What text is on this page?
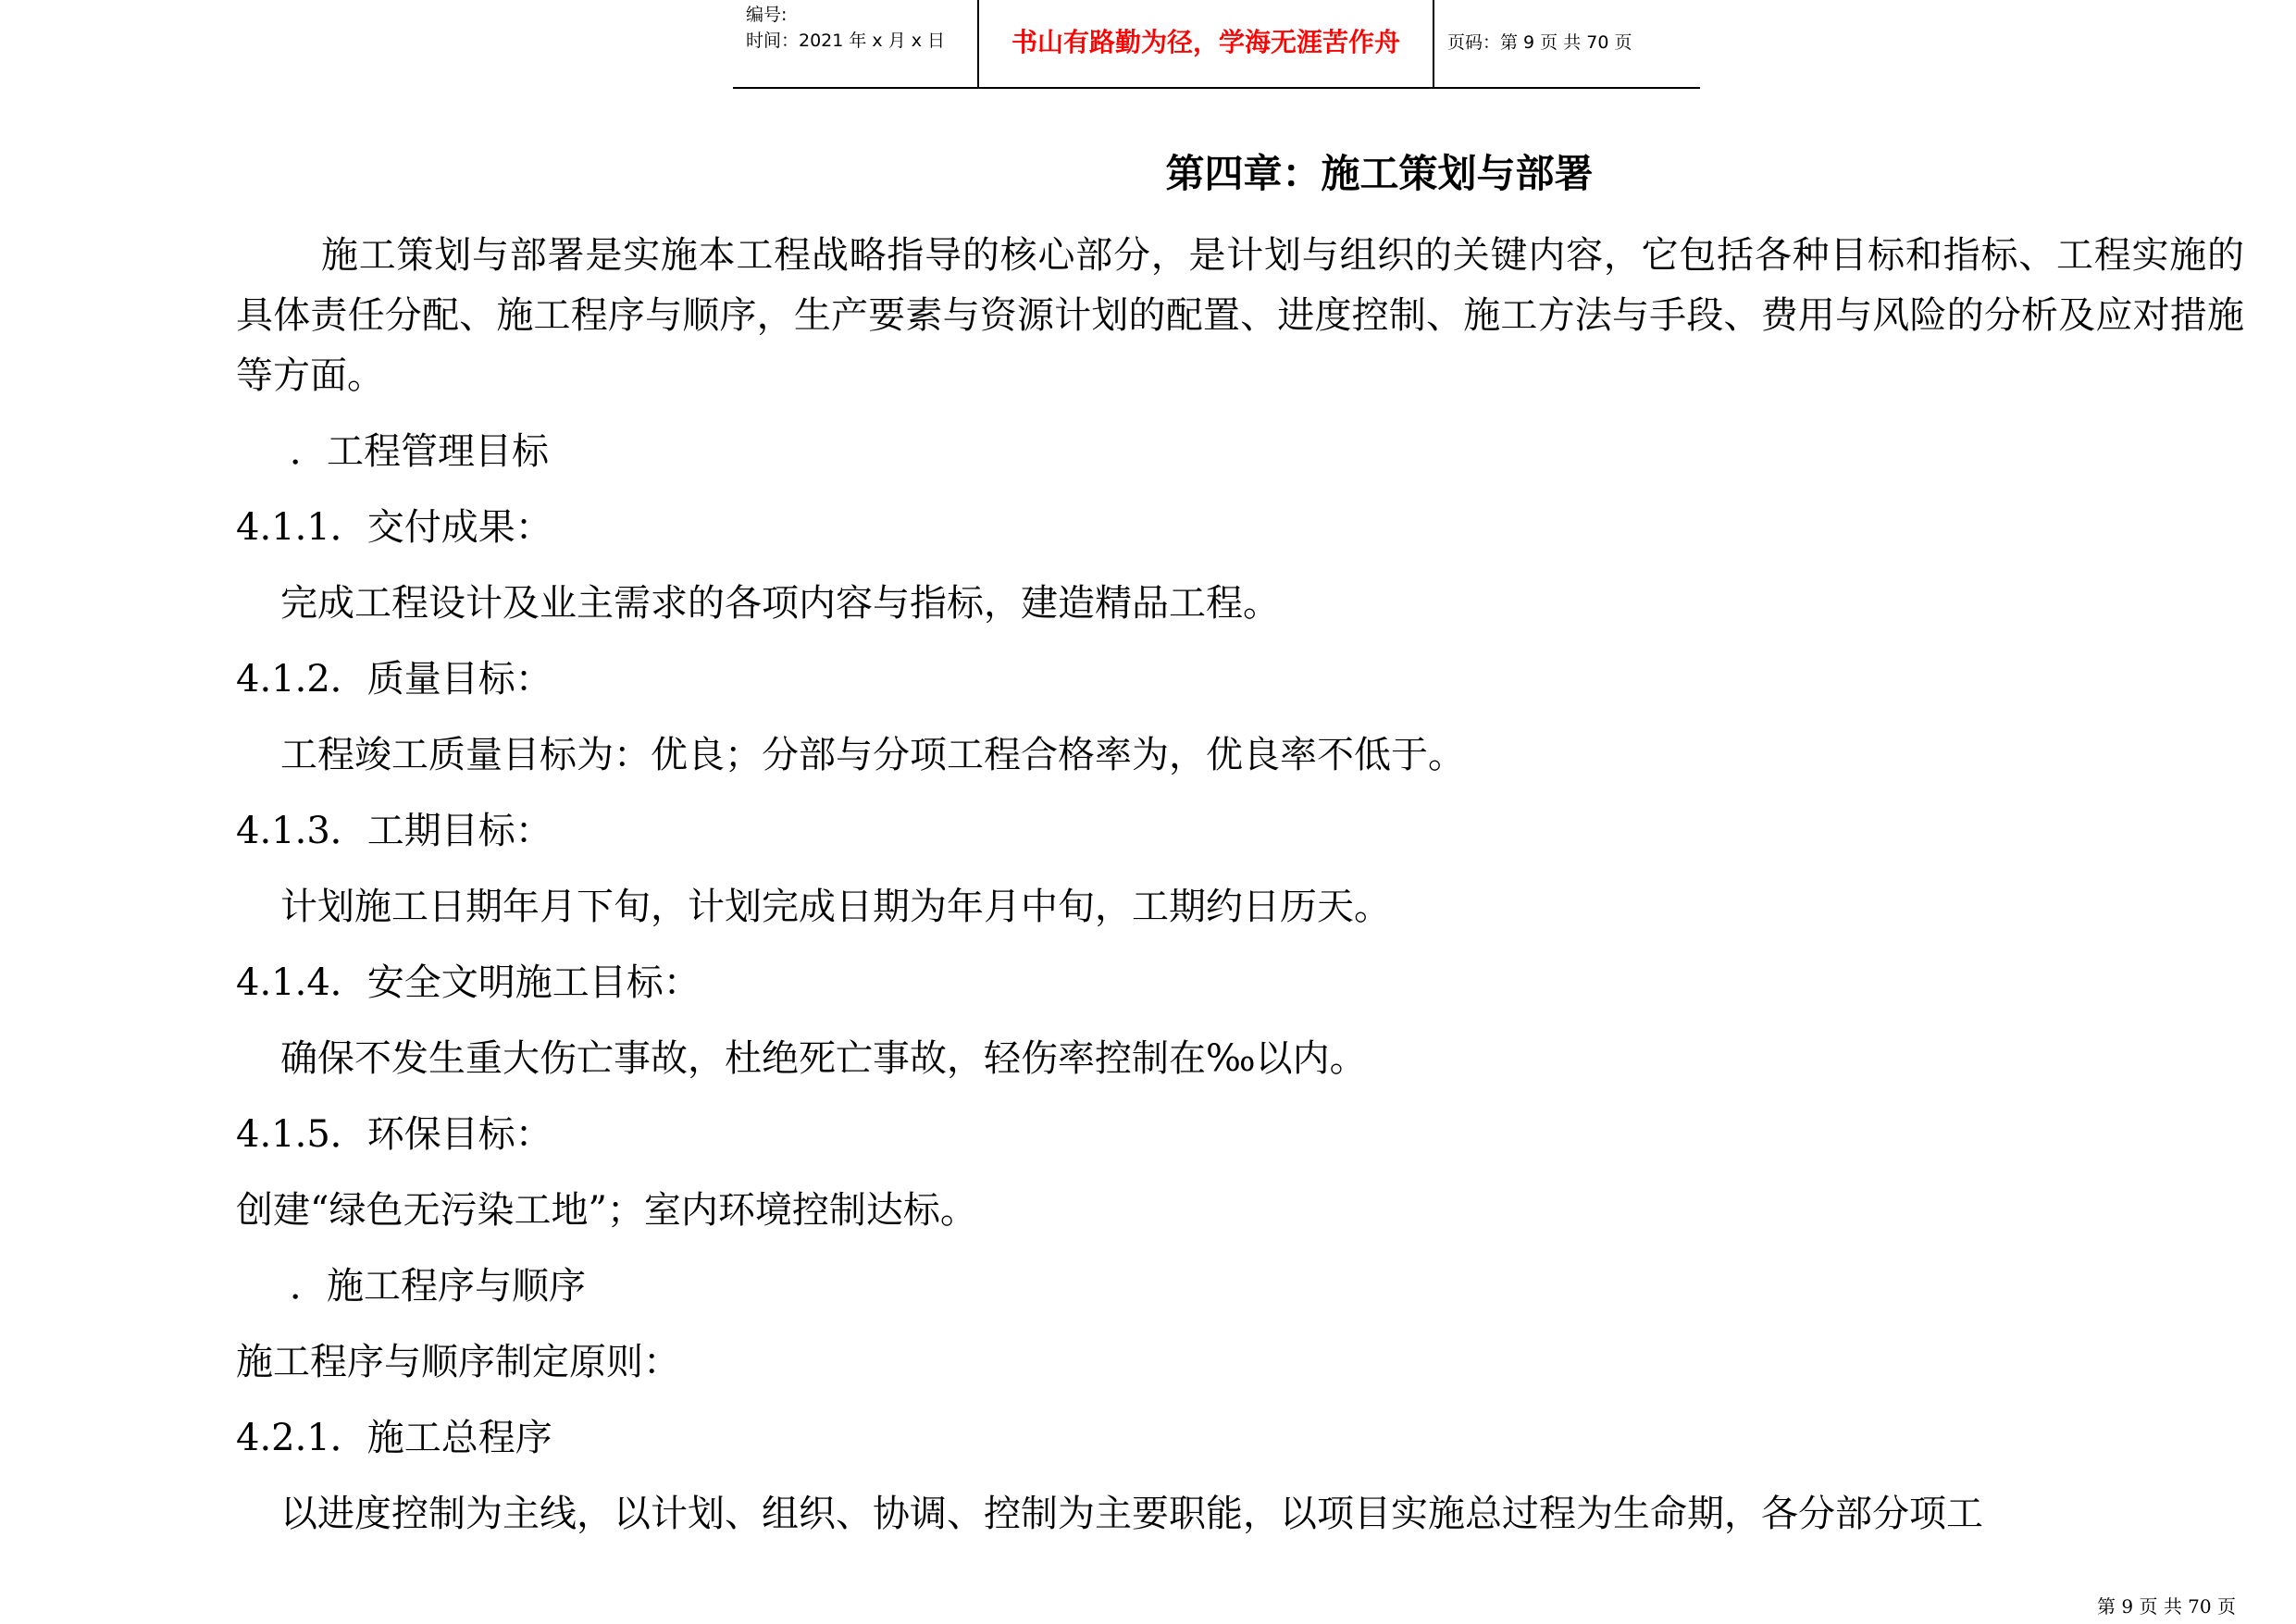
编号:
时间：2021 年 x 月 x 日	书山有路勤为径，学海无涯苦作舟	页码：第 9 页 共 70 页
第四章：施工策划与部署

施工策划与部署是实施本工程战略指导的核心部分，是计划与组织的关键内容，它包括各种目标和指标、工程实施的具体责任分配、施工程序与顺序，生产要素与资源计划的配置、进度控制、施工方法与手段、费用与风险的分析及应对措施等方面。

．工程管理目标

4.1.1．交付成果：

完成工程设计及业主需求的各项内容与指标，建造精品工程。

4.1.2．质量目标：

工程竣工质量目标为：优良；分部与分项工程合格率为，优良率不低于。

4.1.3．工期目标：

计划施工日期年月下旬，计划完成日期为年月中旬，工期约日历天。

4.1.4．安全文明施工目标：

确保不发生重大伤亡事故，杜绝死亡事故，轻伤率控制在‰以内。

4.1.5．环保目标：

创建“绿色无污染工地”；室内环境控制达标。

．施工程序与顺序

施工程序与顺序制定原则：

4.2.1．施工总程序

以进度控制为主线，以计划、组织、协调、控制为主要职能，以项目实施总过程为生命期，各分部分项工

第 9 页 共 70 页
